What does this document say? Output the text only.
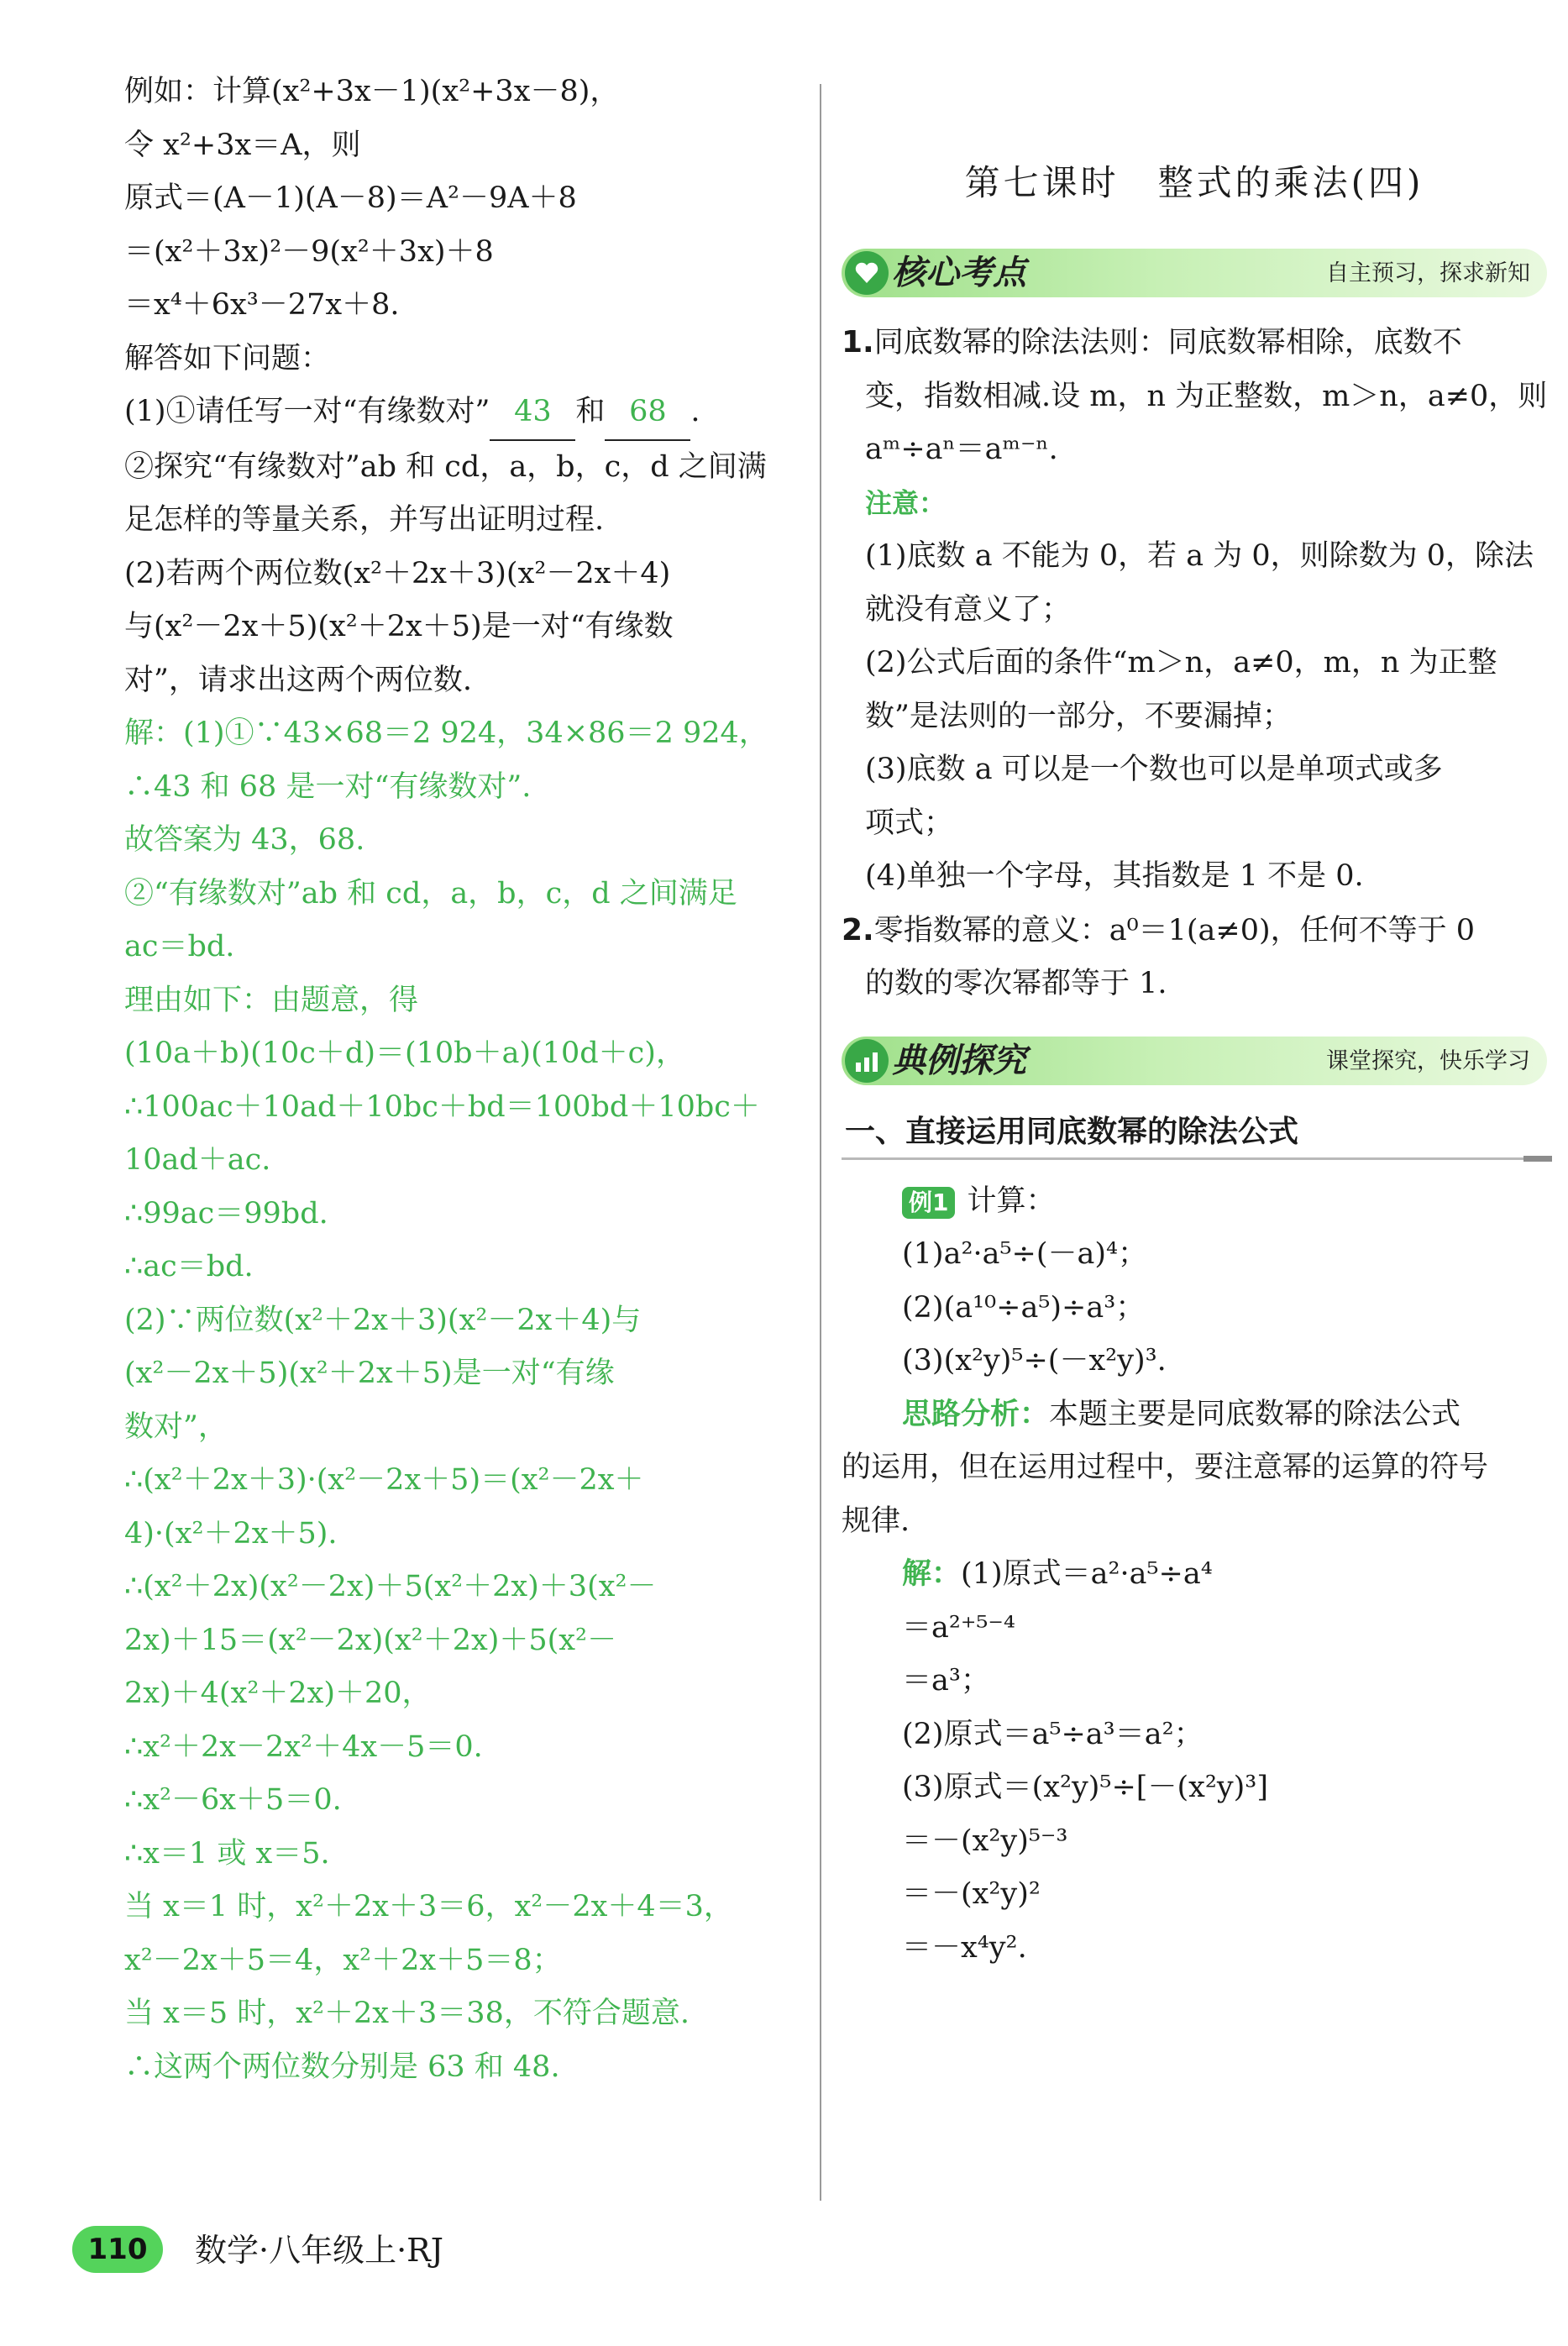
例如：计算(x²+3x－1)(x²+3x－8)，
令 x²+3x＝A，则
原式＝(A－1)(A－8)＝A²－9A＋8
＝(x²＋3x)²－9(x²＋3x)＋8
＝x⁴＋6x³－27x＋8.
解答如下问题：
(1)①请任写一对“有缘数对” 43 和 68 .
②探究“有缘数对”ab 和 cd，a，b，c，d 之间满
足怎样的等量关系，并写出证明过程.
(2)若两个两位数(x²＋2x＋3)(x²－2x＋4)
与(x²－2x＋5)(x²＋2x＋5)是一对“有缘数
对”，请求出这两个两位数.
解：(1)①∵43×68＝2 924，34×86＝2 924，
∴43 和 68 是一对“有缘数对”.
故答案为 43，68.
②“有缘数对”ab 和 cd，a，b，c，d 之间满足
ac＝bd.
理由如下：由题意，得
(10a＋b)(10c＋d)＝(10b＋a)(10d＋c)，
∴100ac＋10ad＋10bc＋bd＝100bd＋10bc＋
10ad＋ac.
∴99ac＝99bd.
∴ac＝bd.
(2)∵两位数(x²＋2x＋3)(x²－2x＋4)与
(x²－2x＋5)(x²＋2x＋5)是一对“有缘
数对”，
∴(x²＋2x＋3)·(x²－2x＋5)＝(x²－2x＋
4)·(x²＋2x＋5).
∴(x²＋2x)(x²－2x)＋5(x²＋2x)＋3(x²－
2x)＋15＝(x²－2x)(x²＋2x)＋5(x²－
2x)＋4(x²＋2x)＋20，
∴x²＋2x－2x²＋4x－5＝0.
∴x²－6x＋5＝0.
∴x＝1 或 x＝5.
当 x＝1 时，x²＋2x＋3＝6，x²－2x＋4＝3，
x²－2x＋5＝4，x²＋2x＋5＝8；
当 x＝5 时，x²＋2x＋3＝38，不符合题意.
∴这两个两位数分别是 63 和 48.
第七课时　整式的乘法(四)
核心考点	自主预习，探求新知
1.同底数幂的除法法则：同底数幂相除，底数不
变，指数相减.设 m，n 为正整数，m＞n，a≠0，则
aᵐ÷aⁿ＝aᵐ⁻ⁿ.
注意：
(1)底数 a 不能为 0，若 a 为 0，则除数为 0，除法
就没有意义了；
(2)公式后面的条件“m＞n，a≠0，m，n 为正整
数”是法则的一部分，不要漏掉；
(3)底数 a 可以是一个数也可以是单项式或多
项式；
(4)单独一个字母，其指数是 1 不是 0.
2.零指数幂的意义：a⁰＝1(a≠0)，任何不等于 0
的数的零次幂都等于 1.
典例探究	课堂探究，快乐学习
一、直接运用同底数幂的除法公式
例1 计算：
(1)a²·a⁵÷(－a)⁴；
(2)(a¹⁰÷a⁵)÷a³；
(3)(x²y)⁵÷(－x²y)³.
思路分析：本题主要是同底数幂的除法公式
的运用，但在运用过程中，要注意幂的运算的符号
规律.
解：(1)原式＝a²·a⁵÷a⁴
＝a²⁺⁵⁻⁴
＝a³；
(2)原式＝a⁵÷a³＝a²；
(3)原式＝(x²y)⁵÷[－(x²y)³]
＝－(x²y)⁵⁻³
＝－(x²y)²
＝－x⁴y².
110	数学·八年级上·RJ
